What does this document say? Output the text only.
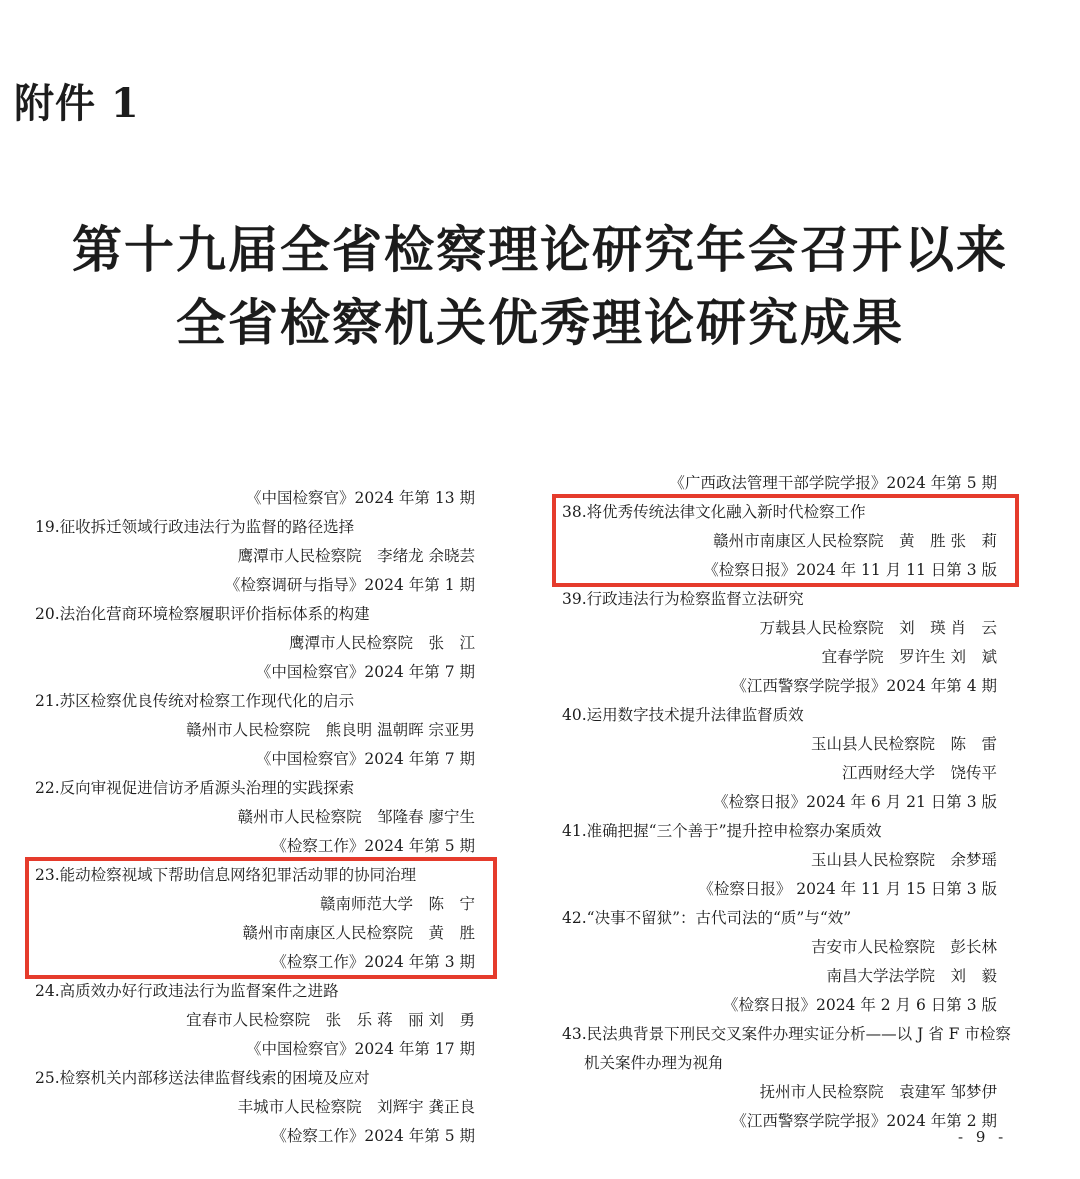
附件 1
第十九届全省检察理论研究年会召开以来
全省检察机关优秀理论研究成果
《中国检察官》2024 年第 13 期
19.征收拆迁领域行政违法行为监督的路径选择
鹰潭市人民检察院　李绪龙 余晓芸
《检察调研与指导》2024 年第 1 期
20.法治化营商环境检察履职评价指标体系的构建
鹰潭市人民检察院　张　江
《中国检察官》2024 年第 7 期
21.苏区检察优良传统对检察工作现代化的启示
赣州市人民检察院　熊良明 温朝晖 宗亚男
《中国检察官》2024 年第 7 期
22.反向审视促进信访矛盾源头治理的实践探索
赣州市人民检察院　邹隆春 廖宁生
《检察工作》2024 年第 5 期
23.能动检察视域下帮助信息网络犯罪活动罪的协同治理
赣南师范大学　陈　宁
赣州市南康区人民检察院　黄　胜
《检察工作》2024 年第 3 期
24.高质效办好行政违法行为监督案件之进路
宜春市人民检察院　张　乐 蒋　丽 刘　勇
《中国检察官》2024 年第 17 期
25.检察机关内部移送法律监督线索的困境及应对
丰城市人民检察院　刘辉宇 龚正良
《检察工作》2024 年第 5 期
《广西政法管理干部学院学报》2024 年第 5 期
38.将优秀传统法律文化融入新时代检察工作
赣州市南康区人民检察院　黄　胜 张　莉
《检察日报》2024 年 11 月 11 日第 3 版
39.行政违法行为检察监督立法研究
万载县人民检察院　刘　瑛 肖　云
宜春学院　罗许生 刘　斌
《江西警察学院学报》2024 年第 4 期
40.运用数字技术提升法律监督质效
玉山县人民检察院　陈　雷
江西财经大学　饶传平
《检察日报》2024 年 6 月 21 日第 3 版
41.准确把握“三个善于”提升控申检察办案质效
玉山县人民检察院　余梦瑶
《检察日报》 2024 年 11 月 15 日第 3 版
42.“决事不留狱”：古代司法的“质”与“效”
吉安市人民检察院　彭长林
南昌大学法学院　刘　毅
《检察日报》2024 年 2 月 6 日第 3 版
43.民法典背景下刑民交叉案件办理实证分析——以 J 省 F 市检察
机关案件办理为视角
抚州市人民检察院　袁建军 邹梦伊
《江西警察学院学报》2024 年第 2 期
- 9 -
